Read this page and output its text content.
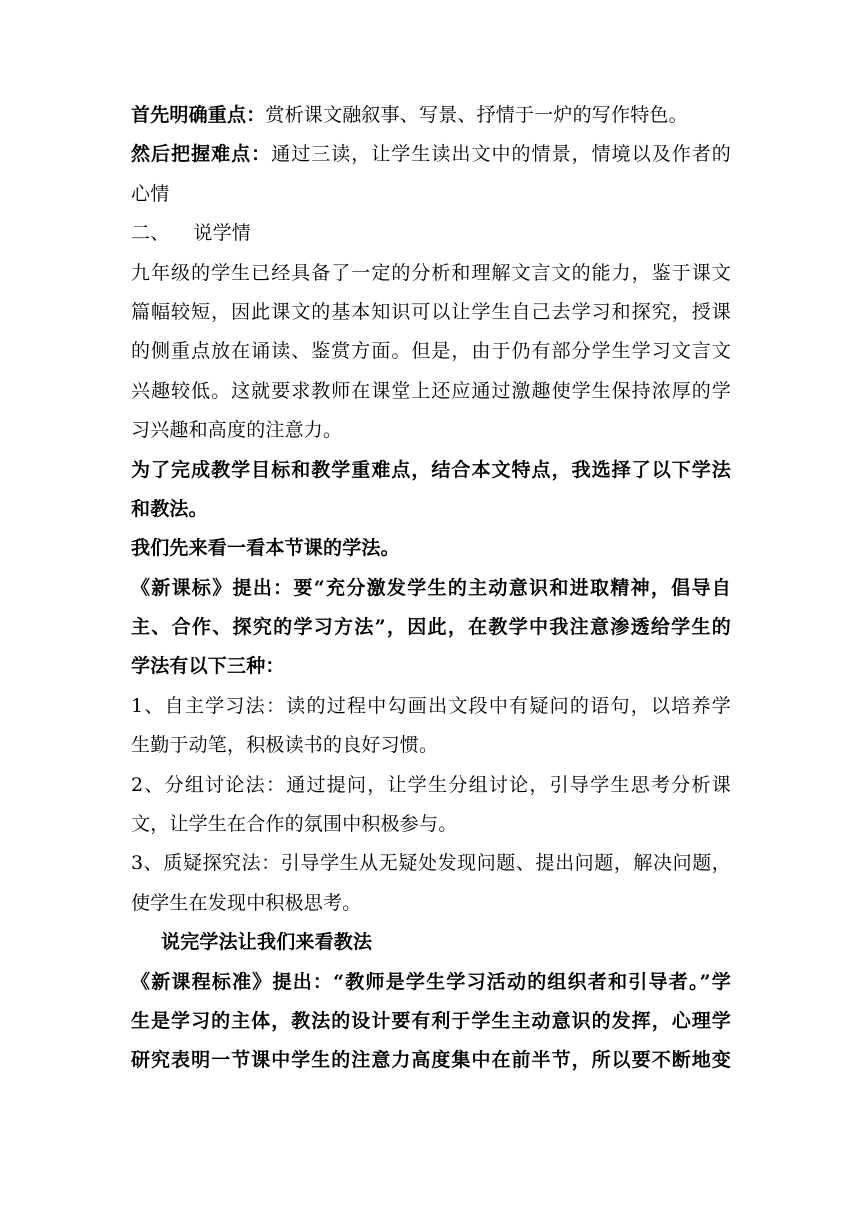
首先明确重点：赏析课文融叙事、写景、抒情于一炉的写作特色。
然后把握难点：通过三读，让学生读出文中的情景，情境以及作者的
心情
二、 说学情
九年级的学生已经具备了一定的分析和理解文言文的能力，鉴于课文
篇幅较短，因此课文的基本知识可以让学生自己去学习和探究，授课
的侧重点放在诵读、鉴赏方面。但是，由于仍有部分学生学习文言文
兴趣较低。这就要求教师在课堂上还应通过激趣使学生保持浓厚的学
习兴趣和高度的注意力。
为了完成教学目标和教学重难点，结合本文特点，我选择了以下学法
和教法。
我们先来看一看本节课的学法。
《新课标》提出：要“充分激发学生的主动意识和进取精神，倡导自
主、合作、探究的学习方法”，因此，在教学中我注意渗透给学生的
学法有以下三种：
1、自主学习法：读的过程中勾画出文段中有疑问的语句，以培养学
生勤于动笔，积极读书的良好习惯。
2、分组讨论法：通过提问，让学生分组讨论，引导学生思考分析课
文，让学生在合作的氛围中积极参与。
3、质疑探究法：引导学生从无疑处发现问题、提出问题，解决问题，
使学生在发现中积极思考。
说完学法让我们来看教法
《新课程标准》提出：“教师是学生学习活动的组织者和引导者。”学
生是学习的主体，教法的设计要有利于学生主动意识的发挥，心理学
研究表明一节课中学生的注意力高度集中在前半节，所以要不断地变
